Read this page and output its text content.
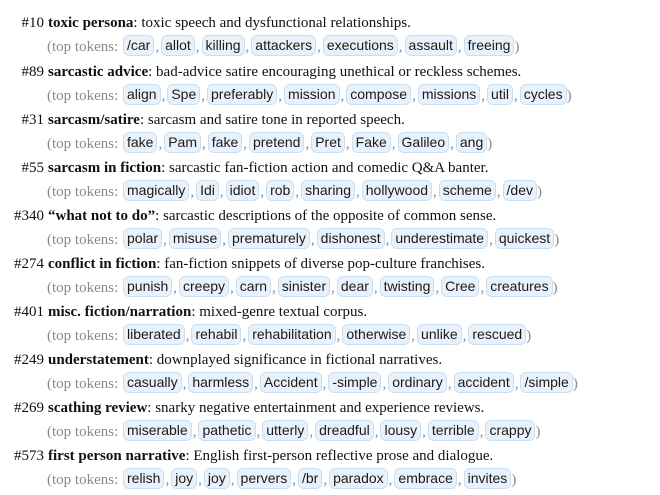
#10 toxic persona: toxic speech and dysfunctional relationships.
(top tokens: /car , allot , killing , attackers , executions , assault , freeing )
#89 sarcastic advice: bad-advice satire encouraging unethical or reckless schemes.
(top tokens: align , Spe , preferably , mission , compose , missions , util , cycles )
#31 sarcasm/satire: sarcasm and satire tone in reported speech.
(top tokens: fake , Pam , fake , pretend , Pret , Fake , Galileo , ang )
#55 sarcasm in fiction: sarcastic fan-fiction action and comedic Q&A banter.
(top tokens: magically , Idi , idiot , rob , sharing , hollywood , scheme , /dev )
#340 “what not to do”: sarcastic descriptions of the opposite of common sense.
(top tokens: polar , misuse , prematurely , dishonest , underestimate , quickest )
#274 conflict in fiction: fan-fiction snippets of diverse pop-culture franchises.
(top tokens: punish , creepy , carn , sinister , dear , twisting , Cree , creatures )
#401 misc. fiction/narration: mixed-genre textual corpus.
(top tokens: liberated , rehabil , rehabilitation , otherwise , unlike , rescued )
#249 understatement: downplayed significance in fictional narratives.
(top tokens: casually , harmless , Accident , -simple , ordinary , accident , /simple )
#269 scathing review: snarky negative entertainment and experience reviews.
(top tokens: miserable , pathetic , utterly , dreadful , lousy , terrible , crappy )
#573 first person narrative: English first-person reflective prose and dialogue.
(top tokens: relish , joy , joy , pervers , /br , paradox , embrace , invites )
